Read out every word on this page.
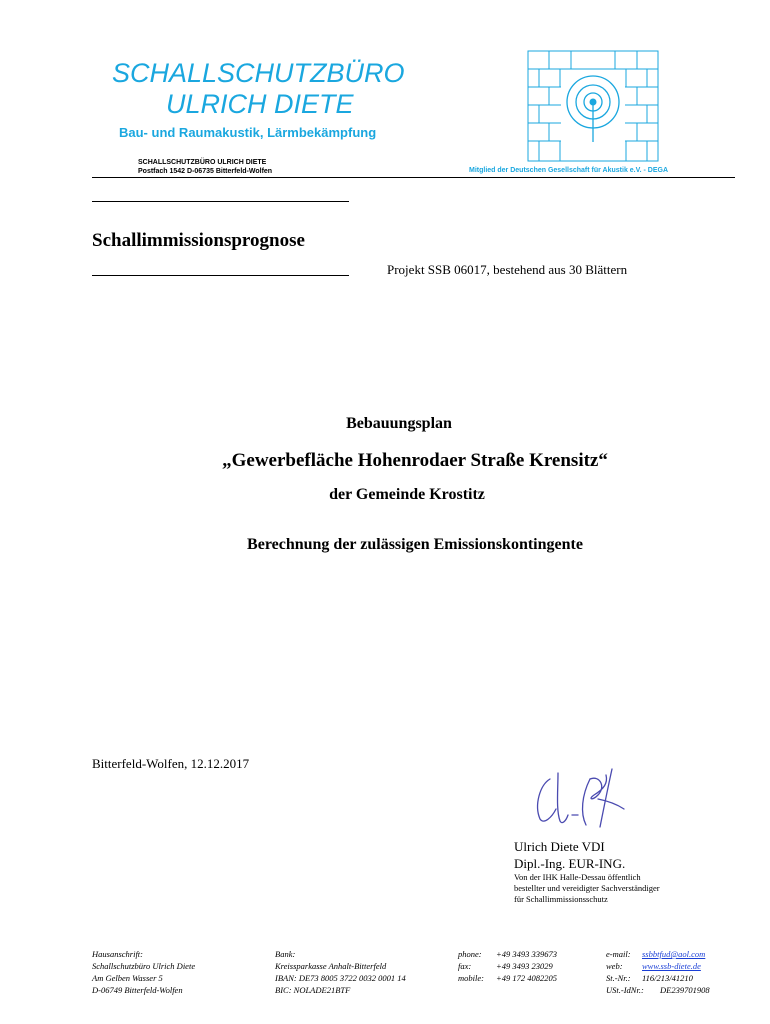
SCHALLSCHUTZBÜRO
ULRICH DIETE
Bau- und Raumakustik, Lärmbekämpfung
SCHALLSCHUTZBÜRO ULRICH DIETE
Postfach 1542 D-06735 Bitterfeld-Wolfen	Mitglied der Deutschen Gesellschaft für Akustik e.V. - DEGA
Schallimmissionsprognose
Projekt SSB 06017, bestehend aus 30 Blättern
Bebauungsplan
„Gewerbefläche Hohenrodaer Straße Krensitz“
der Gemeinde Krostitz
Berechnung der zulässigen Emissionskontingente
Bitterfeld-Wolfen, 12.12.2017
Ulrich Diete VDI
Dipl.-Ing. EUR-ING.
Von der IHK Halle-Dessau öffentlich
bestellter und vereidigter Sachverständiger
für Schallimmissionsschutz
Hausanschrift:
Schallschutzbüro Ulrich Diete
Am Gelben Wasser 5
D-06749 Bitterfeld-Wolfen
Bank:
Kreissparkasse Anhalt-Bitterfeld
IBAN: DE73 8005 3722 0032 0001 14
BIC: NOLADE21BTF
phone: +49 3493 339673
fax:	+49 3493 23029
mobile: +49 172 4082205
e-mail: ssbbtfud@aol.com
web: www.ssb-diete.de
St.-Nr.: 116/213/41210
USt.-IdNr.: DE239701908
